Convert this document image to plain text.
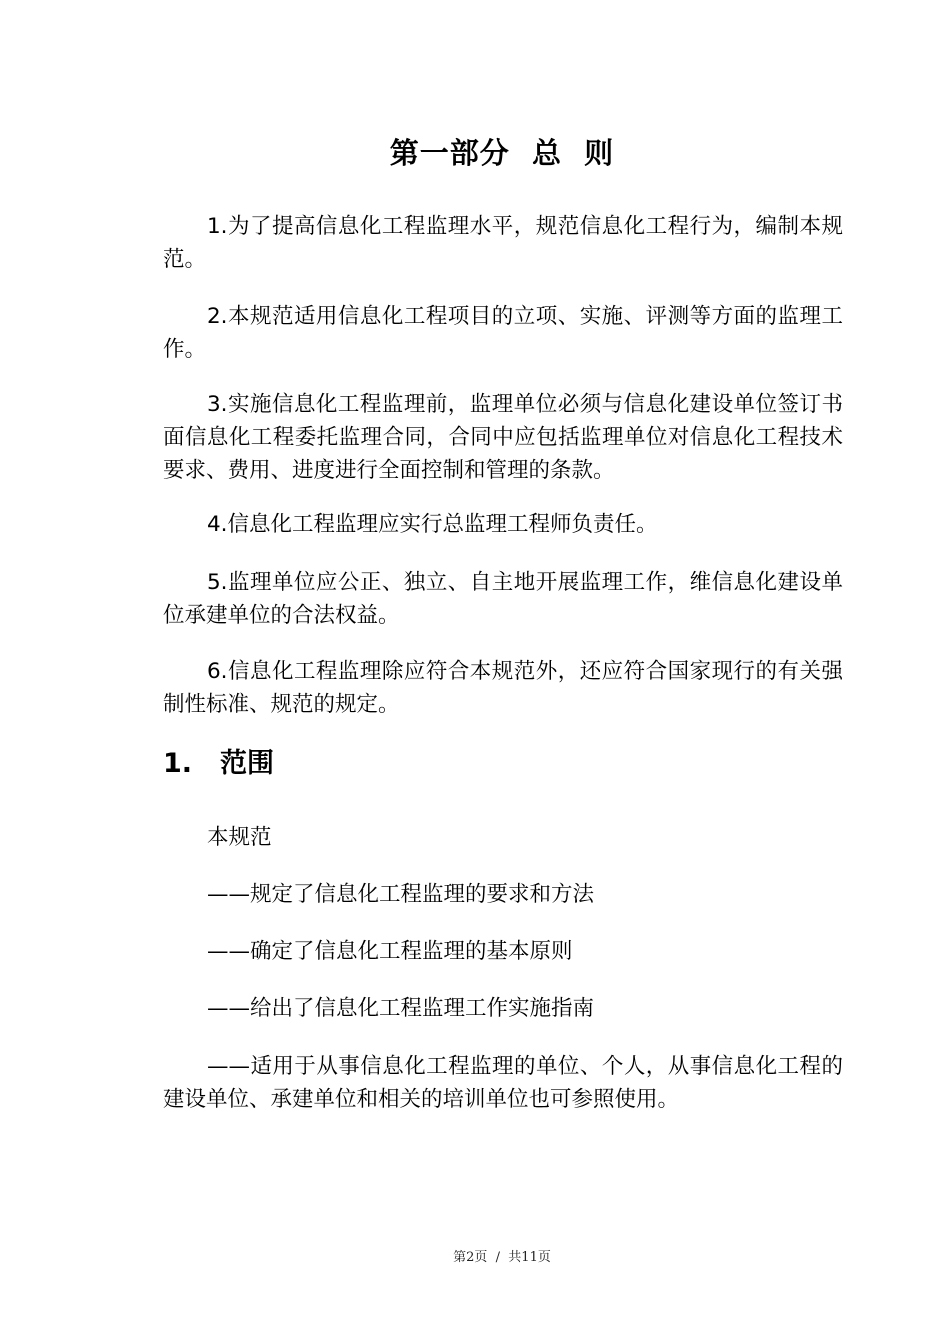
第一部分  总  则

1.为了提高信息化工程监理水平，规范信息化工程行为，编制本规范。

2.本规范适用信息化工程项目的立项、实施、评测等方面的监理工作。

3.实施信息化工程监理前，监理单位必须与信息化建设单位签订书面信息化工程委托监理合同，合同中应包括监理单位对信息化工程技术要求、费用、进度进行全面控制和管理的条款。

4.信息化工程监理应实行总监理工程师负责任。

5.监理单位应公正、独立、自主地开展监理工作，维信息化建设单位承建单位的合法权益。

6.信息化工程监理除应符合本规范外，还应符合国家现行的有关强制性标准、规范的规定。

1. 范围
本规范
——规定了信息化工程监理的要求和方法
——确定了信息化工程监理的基本原则
——给出了信息化工程监理工作实施指南

——适用于从事信息化工程监理的单位、个人，从事信息化工程的建设单位、承建单位和相关的培训单位也可参照使用。

第2页  /  共11页
